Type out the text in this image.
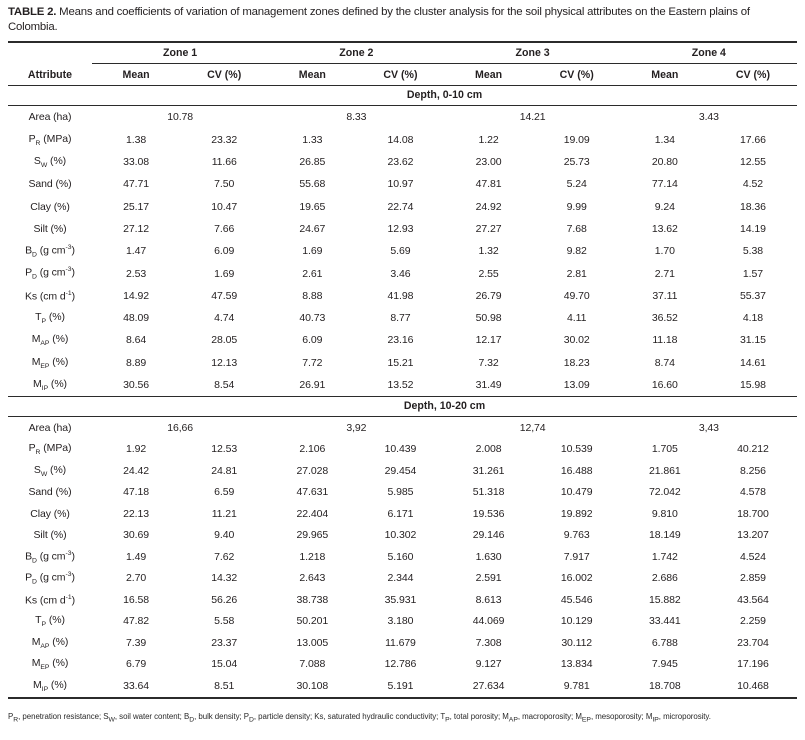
TABLE 2. Means and coefficients of variation of management zones defined by the cluster analysis for the soil physical attributes on the Eastern plains of Colombia.
Zone 1	Zone 2	Zone 3	Zone 4
Attribute	Mean	CV (%)	Mean	CV (%)	Mean	CV (%)	Mean	CV (%)
Depth, 0-10 cm
Area (ha)	10.78	8.33	14.21	3.43
$P_R$ (MPa)	1.38	23.32	1.33	14.08	1.22	19.09	1.34	17.66
$S_W$ (%)	33.08	11.66	26.85	23.62	23.00	25.73	20.80	12.55
Sand (%)	47.71	7.50	55.68	10.97	47.81	5.24	77.14	4.52
Clay (%)	25.17	10.47	19.65	22.74	24.92	9.99	9.24	18.36
Silt (%)	27.12	7.66	24.67	12.93	27.27	7.68	13.62	14.19
$B_D$ (g $cm^{-3}$)	1.47	6.09	1.69	5.69	1.32	9.82	1.70	5.38
$P_D$ (g $cm^{-3}$)	2.53	1.69	2.61	3.46	2.55	2.81	2.71	1.57
Ks (cm $d^{-1}$)	14.92	47.59	8.88	41.98	26.79	49.70	37.11	55.37
$T_P$ (%)	48.09	4.74	40.73	8.77	50.98	4.11	36.52	4.18
$M_{AP}$ (%)	8.64	28.05	6.09	23.16	12.17	30.02	11.18	31.15
$M_{EP}$ (%)	8.89	12.13	7.72	15.21	7.32	18.23	8.74	14.61
$M_{IP}$ (%)	30.56	8.54	26.91	13.52	31.49	13.09	16.60	15.98
Depth, 10-20 cm
Area (ha)	16,66	3,92	12,74	3,43
$P_R$ (MPa)	1.92	12.53	2.106	10.439	2.008	10.539	1.705	40.212
$S_W$ (%)	24.42	24.81	27.028	29.454	31.261	16.488	21.861	8.256
Sand (%)	47.18	6.59	47.631	5.985	51.318	10.479	72.042	4.578
Clay (%)	22.13	11.21	22.404	6.171	19.536	19.892	9.810	18.700
Silt (%)	30.69	9.40	29.965	10.302	29.146	9.763	18.149	13.207
$B_D$ (g $cm^{-3}$)	1.49	7.62	1.218	5.160	1.630	7.917	1.742	4.524
$P_D$ (g $cm^{-3}$)	2.70	14.32	2.643	2.344	2.591	16.002	2.686	2.859
Ks (cm $d^{-1}$)	16.58	56.26	38.738	35.931	8.613	45.546	15.882	43.564
$T_P$ (%)	47.82	5.58	50.201	3.180	44.069	10.129	33.441	2.259
$M_{AP}$ (%)	7.39	23.37	13.005	11.679	7.308	30.112	6.788	23.704
$M_{EP}$ (%)	6.79	15.04	7.088	12.786	9.127	13.834	7.945	17.196
$M_{IP}$ (%)	33.64	8.51	30.108	5.191	27.634	9.781	18.708	10.468
$P_R$, penetration resistance; $S_W$, soil water content; $B_D$, bulk density; $P_D$, particle density; Ks, saturated hydraulic conductivity; $T_P$, total porosity; $M_{AP}$, macroporosity; $M_{EP}$, mesoporosity; $M_{IP}$, microporosity.
